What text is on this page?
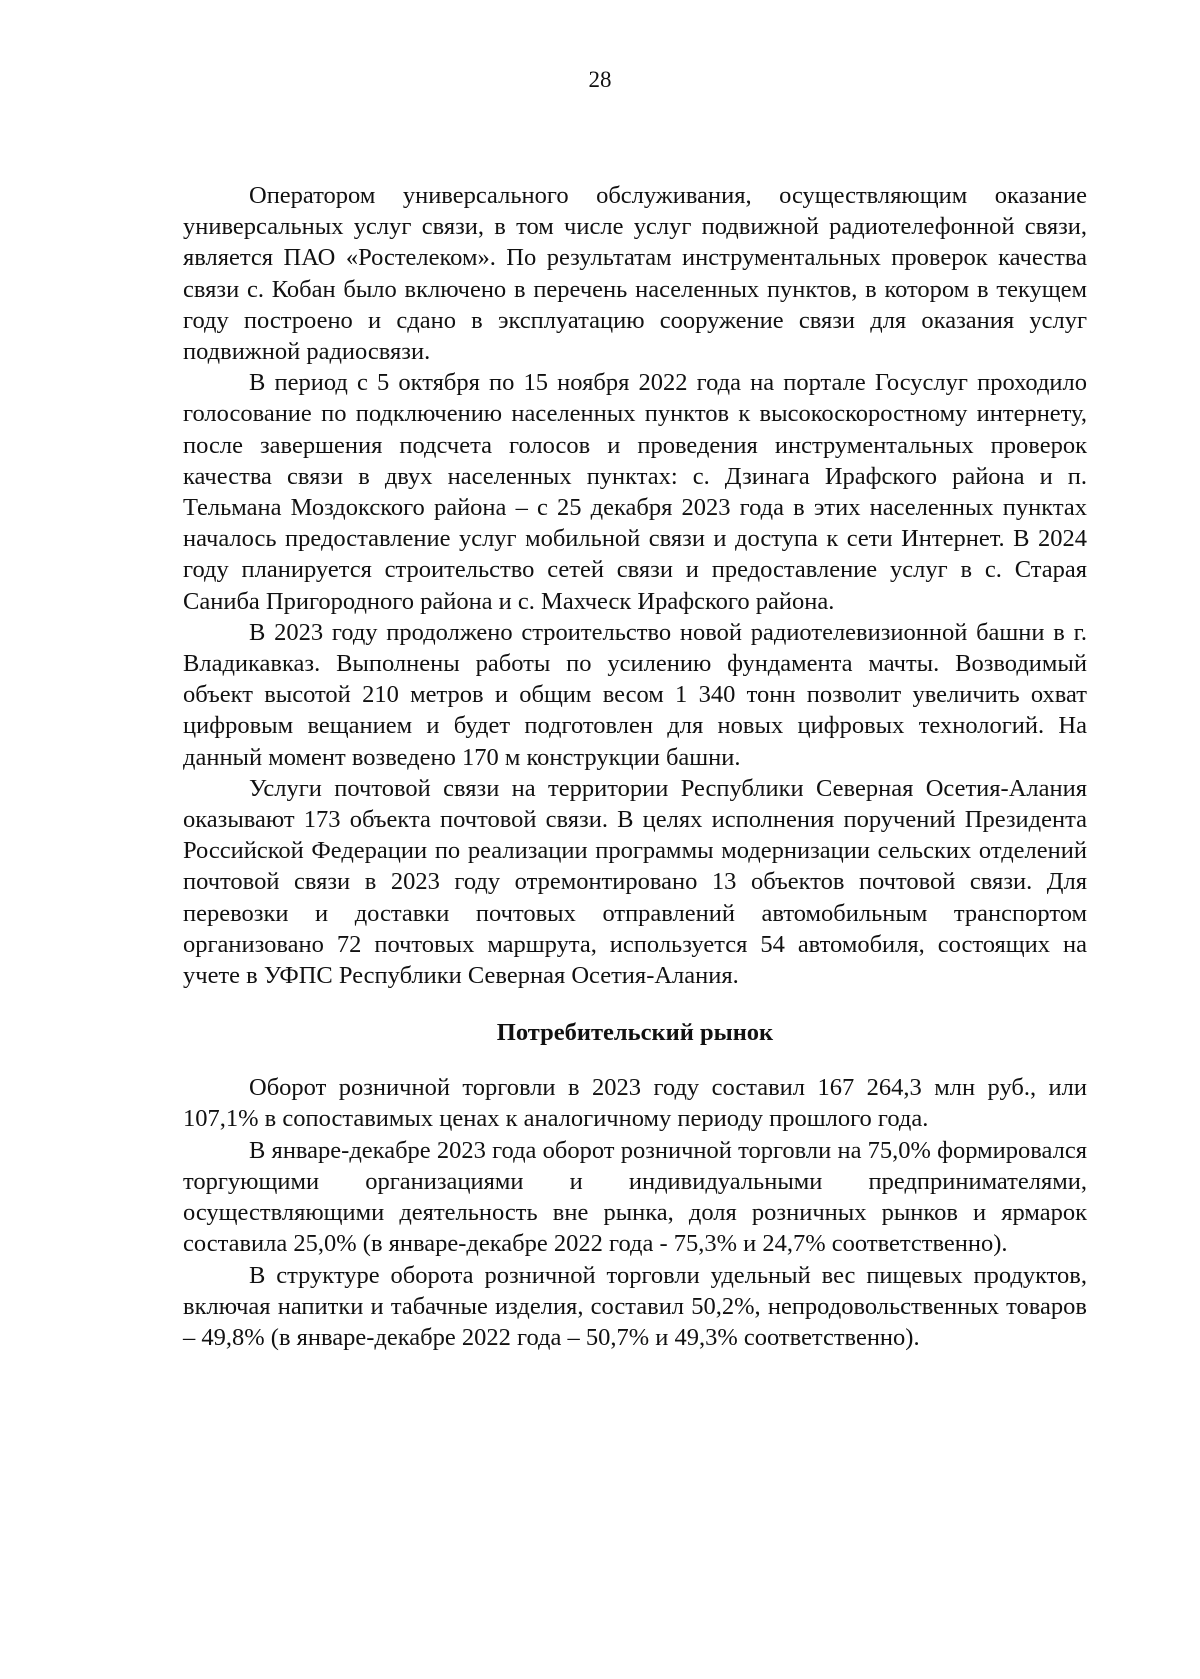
28

Оператором универсального обслуживания, осуществляющим оказание универсальных услуг связи, в том числе услуг подвижной радиотелефонной связи, является ПАО «Ростелеком». По результатам инструментальных проверок качества связи с. Кобан было включено в перечень населенных пунктов, в котором в текущем году построено и сдано в эксплуатацию сооружение связи для оказания услуг подвижной радиосвязи.

В период с 5 октября по 15 ноября 2022 года на портале Госуслуг проходило голосование по подключению населенных пунктов к высокоскоростному интернету, после завершения подсчета голосов и проведения инструментальных проверок качества связи в двух населенных пунктах: с. Дзинага Ирафского района и п. Тельмана Моздокского района – с 25 декабря 2023 года в этих населенных пунктах началось предоставление услуг мобильной связи и доступа к сети Интернет. В 2024 году планируется строительство сетей связи и предоставление услуг в с. Старая Саниба Пригородного района и с. Махческ Ирафского района.

В 2023 году продолжено строительство новой радиотелевизионной башни в г. Владикавказ. Выполнены работы по усилению фундамента мачты. Возводимый объект высотой 210 метров и общим весом 1 340 тонн позволит увеличить охват цифровым вещанием и будет подготовлен для новых цифровых технологий. На данный момент возведено 170 м конструкции башни.

Услуги почтовой связи на территории Республики Северная Осетия-Алания оказывают 173 объекта почтовой связи. В целях исполнения поручений Президента Российской Федерации по реализации программы модернизации сельских отделений почтовой связи в 2023 году отремонтировано 13 объектов почтовой связи. Для перевозки и доставки почтовых отправлений автомобильным транспортом организовано 72 почтовых маршрута, используется 54 автомобиля, состоящих на учете в УФПС Республики Северная Осетия-Алания.

Потребительский рынок

Оборот розничной торговли в 2023 году составил 167 264,3 млн руб., или 107,1% в сопоставимых ценах к аналогичному периоду прошлого года.

В январе-декабре 2023 года оборот розничной торговли на 75,0% формировался торгующими организациями и индивидуальными предпринимателями, осуществляющими деятельность вне рынка, доля розничных рынков и ярмарок составила 25,0% (в январе-декабре 2022 года - 75,3% и 24,7% соответственно).

В структуре оборота розничной торговли удельный вес пищевых продуктов, включая напитки и табачные изделия, составил 50,2%, непродовольственных товаров – 49,8% (в январе-декабре 2022 года – 50,7% и 49,3% соответственно).
